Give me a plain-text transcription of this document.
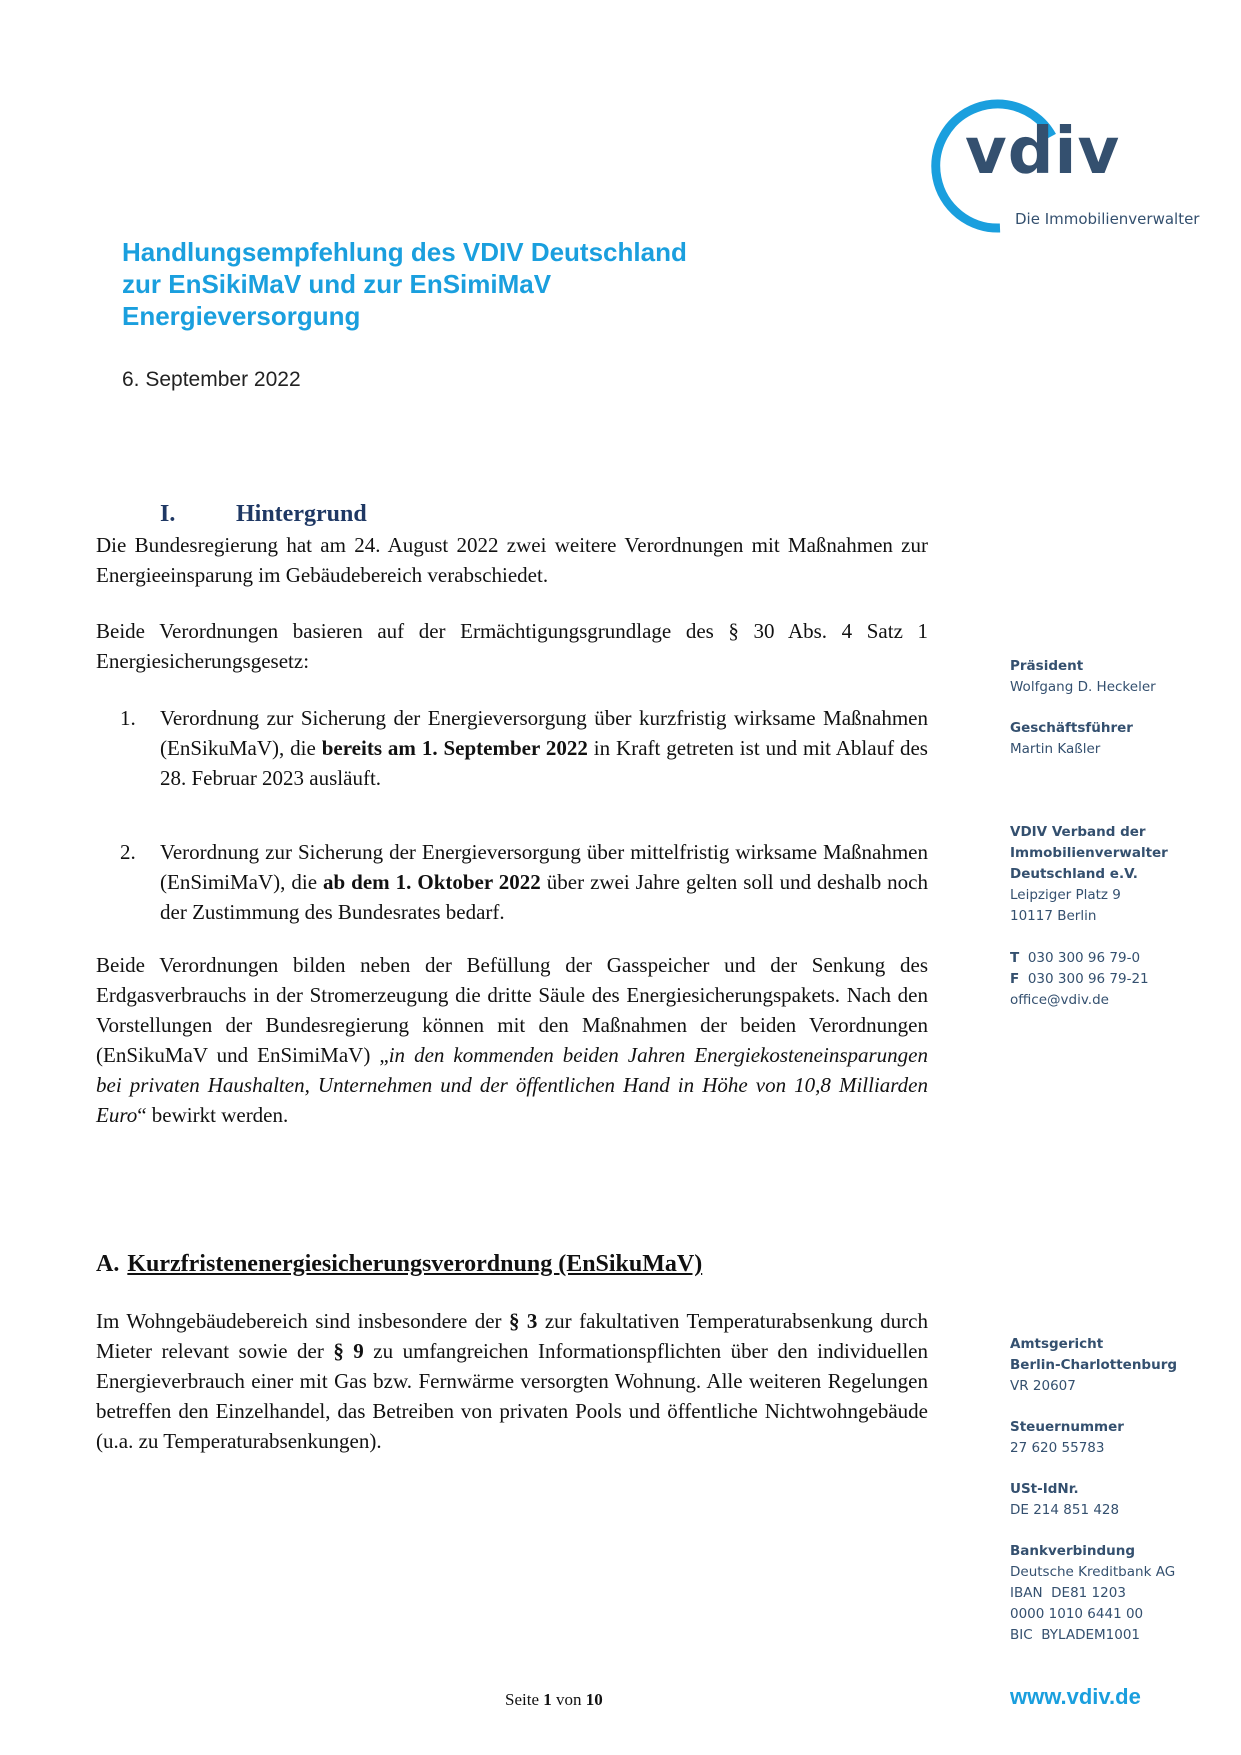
vdiv
Die Immobilienverwalter
Handlungsempfehlung des VDIV Deutschland
zur EnSikiMaV und zur EnSimiMaV
Energieversorgung
6. September 2022
I.	Hintergrund
Die Bundesregierung hat am 24. August 2022 zwei weitere Verordnungen mit Maßnahmen zur Energieeinsparung im Gebäudebereich verabschiedet.
Beide Verordnungen basieren auf der Ermächtigungsgrundlage des § 30 Abs. 4 Satz 1 Energiesicherungsgesetz:
1.	Verordnung zur Sicherung der Energieversorgung über kurzfristig wirksame Maßnahmen (EnSikuMaV), die bereits am 1. September 2022 in Kraft getreten ist und mit Ablauf des 28. Februar 2023 ausläuft.
2.	Verordnung zur Sicherung der Energieversorgung über mittelfristig wirksame Maßnahmen (EnSimiMaV), die ab dem 1. Oktober 2022 über zwei Jahre gelten soll und deshalb noch der Zustimmung des Bundesrates bedarf.
Beide Verordnungen bilden neben der Befüllung der Gasspeicher und der Senkung des Erdgasverbrauchs in der Stromerzeugung die dritte Säule des Energiesicherungspakets. Nach den Vorstellungen der Bundesregierung können mit den Maßnahmen der beiden Verordnungen (EnSikuMaV und EnSimiMaV) „in den kommenden beiden Jahren Energiekosteneinsparungen bei privaten Haushalten, Unternehmen und der öffentlichen Hand in Höhe von 10,8 Milliarden Euro“ bewirkt werden.
A. Kurzfristenenergiesicherungsverordnung (EnSikuMaV)
Im Wohngebäudebereich sind insbesondere der § 3 zur fakultativen Temperaturabsenkung durch Mieter relevant sowie der § 9 zu umfangreichen Informationspflichten über den individuellen Energieverbrauch einer mit Gas bzw. Fernwärme versorgten Wohnung. Alle weiteren Regelungen betreffen den Einzelhandel, das Betreiben von privaten Pools und öffentliche Nichtwohngebäude (u.a. zu Temperaturabsenkungen).
Präsident
Wolfgang D. Heckeler
Geschäftsführer
Martin Kaßler
VDIV Verband der
Immobilienverwalter
Deutschland e.V.
Leipziger Platz 9
10117 Berlin
T 030 300 96 79-0
F 030 300 96 79-21
office@vdiv.de
Amtsgericht
Berlin-Charlottenburg
VR 20607
Steuernummer
27 620 55783
USt-IdNr.
DE 214 851 428
Bankverbindung
Deutsche Kreditbank AG
IBAN  DE81 1203
0000 1010 6441 00
BIC  BYLADEM1001
Seite 1 von 10	www.vdiv.de
